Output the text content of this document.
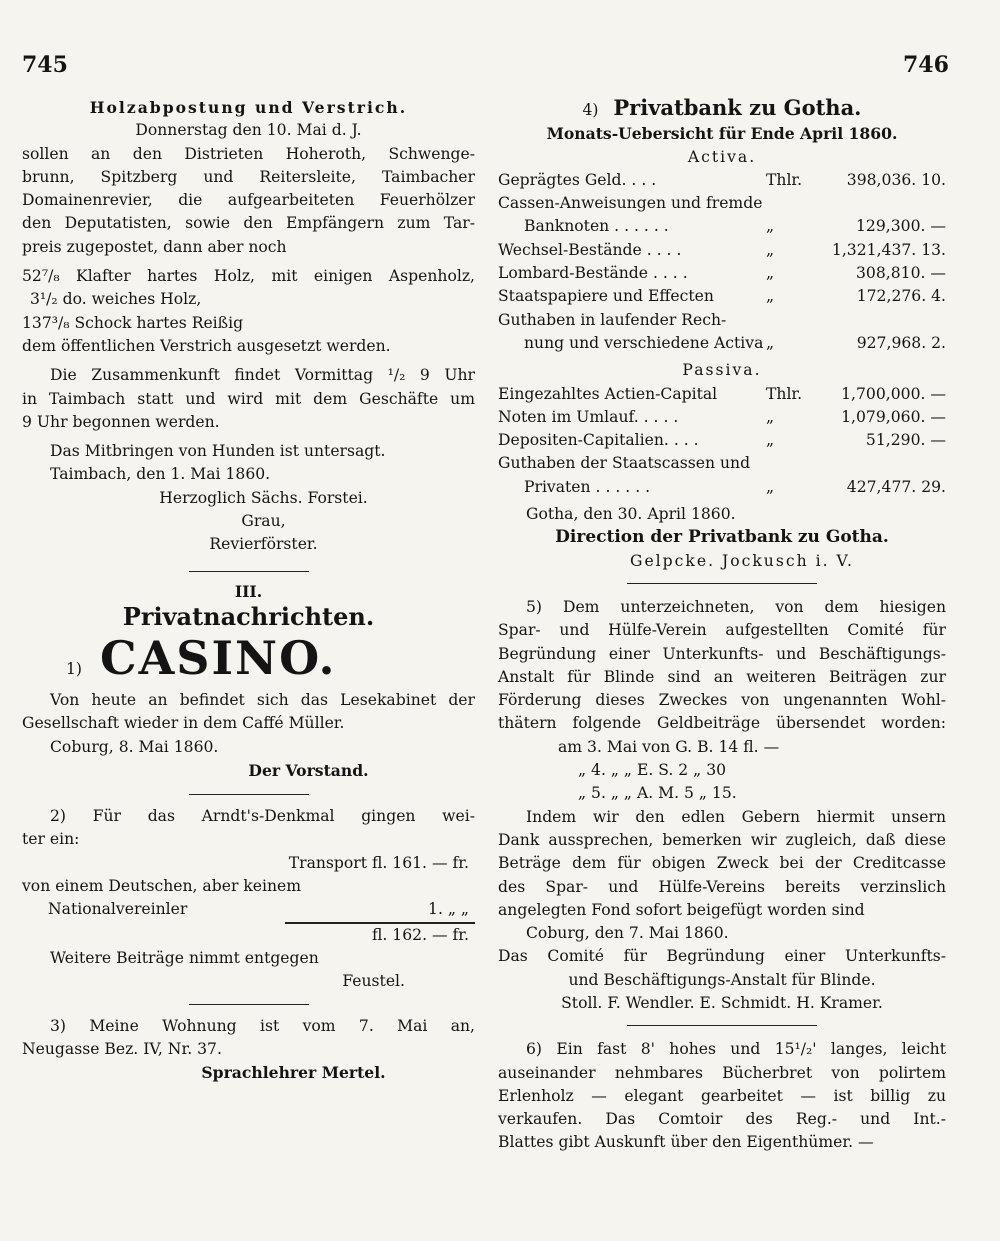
745	746

Holzabpostung und Verstrich.

Donnerstag den 10. Mai d. J.

sollen an den Distrieten Hoheroth, Schwenge-

brunn, Spitzberg und Reitersleite, Taimbacher

Domainenrevier, die aufgearbeiteten Feuerhölzer

den Deputatisten, sowie den Empfängern zum Tar-

preis zugepostet, dann aber noch

52⁷/₈ Klafter hartes Holz, mit einigen Aspenholz,

3¹/₂ do. weiches Holz,

137³/₈ Schock hartes Reißig

dem öffentlichen Verstrich ausgesetzt werden.

Die Zusammenkunft findet Vormittag ¹/₂ 9 Uhr

in Taimbach statt und wird mit dem Geschäfte um

9 Uhr begonnen werden.

Das Mitbringen von Hunden ist untersagt.

Taimbach, den 1. Mai 1860.

Herzoglich Sächs. Forstei.

Grau,

Revierförster.

III.

Privatnachrichten.

1) CASINO.

Von heute an befindet sich das Lesekabinet der

Gesellschaft wieder in dem Caffé Müller.

Coburg, 8. Mai 1860.

Der Vorstand.

2) Für das Arndt's-Denkmal gingen wei-

ter ein:

Transport fl. 161. — fr.

von einem Deutschen, aber keinem

Nationalvereinler	1. „ „

fl. 162. — fr.

Weitere Beiträge nimmt entgegen

Feustel.

3) Meine Wohnung ist vom 7. Mai an,

Neugasse Bez. IV, Nr. 37.

Sprachlehrer Mertel.

4) Privatbank zu Gotha.

Monats-Uebersicht für Ende April 1860.

Activa.

Geprägtes Geld. . . .	Thlr.	398,036. 10.
Cassen-Anweisungen und fremde
Banknoten . . . . . .	„	129,300. —
Wechsel-Bestände . . . .	„	1,321,437. 13.
Lombard-Bestände . . . .	„	308,810. —
Staatspapiere und Effecten	„	172,276. 4.
Guthaben in laufender Rech-
nung und verschiedene Activa „	927,968. 2.

Passiva.

Eingezahltes Actien-Capital	Thlr.	1,700,000. —
Noten im Umlauf. . . . .	„	1,079,060. —
Depositen-Capitalien. . . .	„	51,290. —
Guthaben der Staatscassen und
Privaten . . . . . .	„	427,477. 29.

Gotha, den 30. April 1860.

Direction der Privatbank zu Gotha.

Gelpcke. Jockusch i. V.

5) Dem unterzeichneten, von dem hiesigen

Spar- und Hülfe-Verein aufgestellten Comité für

Begründung einer Unterkunfts- und Beschäftigungs-

Anstalt für Blinde sind an weiteren Beiträgen zur

Förderung dieses Zweckes von ungenannten Wohl-

thätern folgende Geldbeiträge übersendet worden:

am 3. Mai von G. B. 14 fl. —

„ 4. „ „ E. S. 2 „ 30

„ 5. „ „ A. M. 5 „ 15.

Indem wir den edlen Gebern hiermit unsern

Dank aussprechen, bemerken wir zugleich, daß diese

Beträge dem für obigen Zweck bei der Creditcasse

des Spar- und Hülfe-Vereins bereits verzinslich

angelegten Fond sofort beigefügt worden sind

Coburg, den 7. Mai 1860.

Das Comité für Begründung einer Unterkunfts-

und Beschäftigungs-Anstalt für Blinde.

Stoll. F. Wendler. E. Schmidt. H. Kramer.

6) Ein fast 8' hohes und 15¹/₂' langes, leicht

auseinander nehmbares Bücherbret von polirtem

Erlenholz — elegant gearbeitet — ist billig zu

verkaufen. Das Comtoir des Reg.- und Int.-

Blattes gibt Auskunft über den Eigenthümer. —
